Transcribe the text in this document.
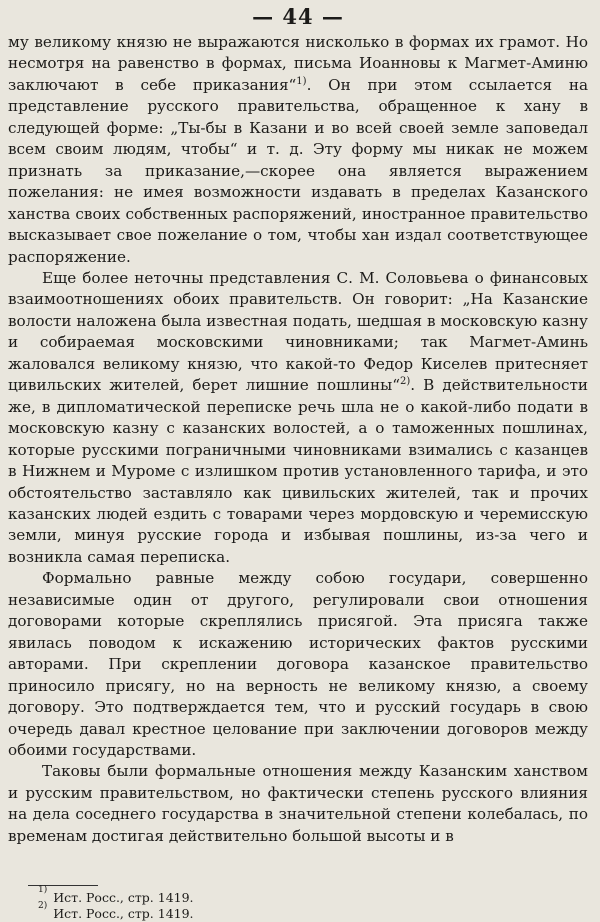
— 44 —

му великому князю не выражаются нисколько в формах их грамот. Но несмотря на равенство в формах, письма Иоанновы к Магмет-Аминю заключают в себе приказания“$^{1)}$. Он при этом ссылается на представление русского правительства, обращенное к хану в следующей форме: „Ты-бы в Казани и во всей своей земле заповедал всем своим людям, чтобы“ и т. д. Эту форму мы никак не можем признать за приказание,—скорее она является выражением пожелания: не имея возможности издавать в пределах Казанского ханства своих собственных распоряжений, иностранное правительство высказывает свое пожелание о том, чтобы хан издал соответствующее распоряжение.

Еще более неточны представления С. М. Соловьева о финансовых взаимоотношениях обоих правительств. Он говорит: „На Казанские волости наложена была известная подать, шедшая в московскую казну и собираемая московскими чиновниками; так Магмет-Аминь жаловался великому князю, что какой-то Федор Киселев притесняет цивильских жителей, берет лишние пошлины“$^{2)}$. В действительности же, в дипломатической переписке речь шла не о какой-либо подати в московскую казну с казанских волостей, а о таможенных пошлинах, которые русскими пограничными чиновниками взимались с казанцев в Нижнем и Муроме с излишком против установленного тарифа, и это обстоятельство заставляло как цивильских жителей, так и прочих казанских людей ездить с товарами через мордовскую и черемисскую земли, минуя русские города и избывая пошлины, из-за чего и возникла самая переписка.

Формально равные между собою государи, совершенно независимые один от другого, регулировали свои отношения договорами которые скреплялись присягой. Эта присяга также явилась поводом к искажению исторических фактов русскими авторами. При скреплении договора казанское правительство приносило присягу, но на верность не великому князю, а своему договору. Это подтверждается тем, что и русский государь в свою очередь давал крестное целование при заключении договоров между обоими государствами.

Таковы были формальные отношения между Казанским ханством и русским правительством, но фактически степень русского влияния на дела соседнего государства в значительной степени колебалась, по временам достигая действительно большой высоты и в

1) Ист. Росс., стр. 1419.
2) Ист. Росс., стр. 1419.
